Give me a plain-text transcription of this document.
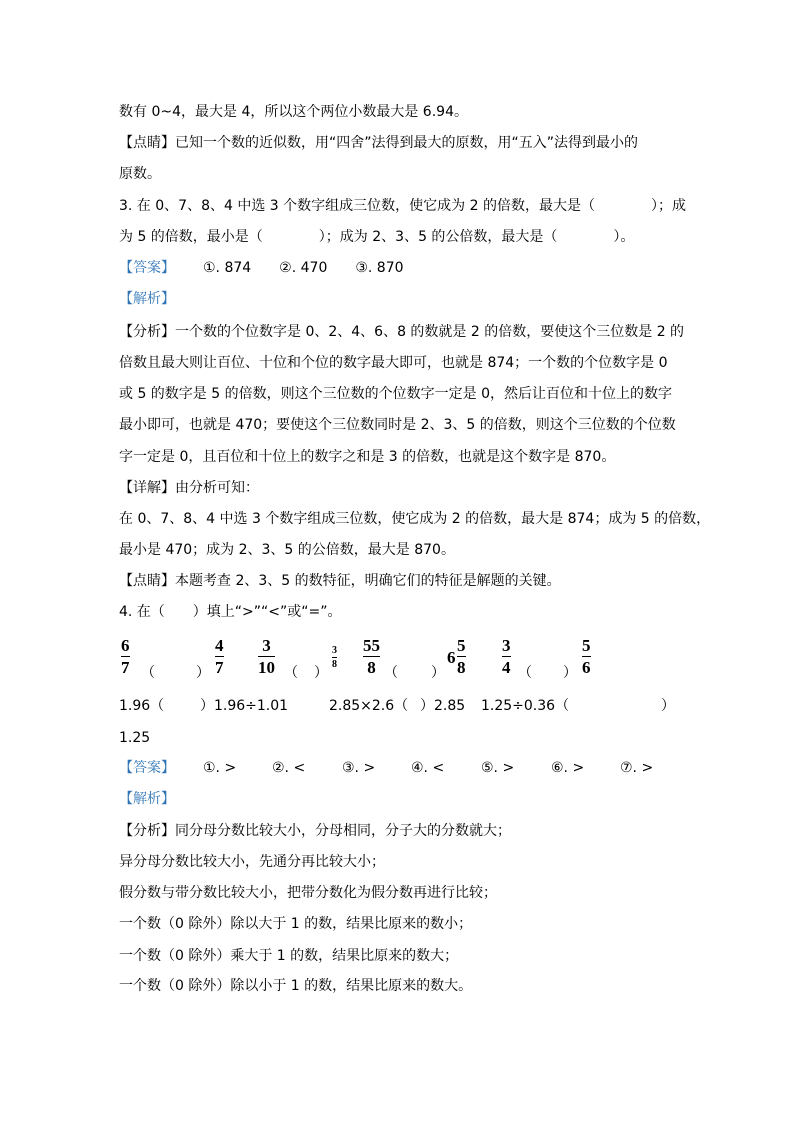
数有 0~4，最大是 4，所以这个两位小数最大是 6.94。
【点睛】已知一个数的近似数，用“四舍”法得到最大的原数，用“五入”法得到最小的
原数。
3. 在 0、7、8、4 中选 3 个数字组成三位数，使它成为 2 的倍数，最大是（　　　　）；成
为 5 的倍数，最小是（　　　　）；成为 2、3、5 的公倍数，最大是（　　　　）。
【答案】 ①. 874　　②. 470　　③. 870
【解析】
【分析】一个数的个位数字是 0、2、4、6、8 的数就是 2 的倍数，要使这个三位数是 2 的
倍数且最大则让百位、十位和个位的数字最大即可，也就是 874；一个数的个位数字是 0
或 5 的数字是 5 的倍数，则这个三位数的个位数字一定是 0，然后让百位和十位上的数字
最小即可，也就是 470；要使这个三位数同时是 2、3、5 的倍数，则这个三位数的个位数
字一定是 0，且百位和十位上的数字之和是 3 的倍数，也就是这个数字是 870。
【详解】由分析可知：
在 0、7、8、4 中选 3 个数字组成三位数，使它成为 2 的倍数，最大是 874；成为 5 的倍数，
最小是 470；成为 2、3、5 的公倍数，最大是 870。
【点睛】本题考查 2、3、5 的数特征，明确它们的特征是解题的关键。
4. 在（　　）填上“>”“<”或“=”。
6
7 （	）
4
7
3
10 （ ）
3
8
55
8 （ ）
6
5
8
3
4 （ ）
5
6
1.96（	）1.96÷1.01	2.85×2.6（ ）2.85 1.25÷0.36（	）
1.25
【答案】 ①. >	②. <	③. >	④. <	⑤. >	⑥. >	⑦. >
【解析】
【分析】同分母分数比较大小，分母相同，分子大的分数就大；
异分母分数比较大小，先通分再比较大小；
假分数与带分数比较大小，把带分数化为假分数再进行比较；
一个数（0 除外）除以大于 1 的数，结果比原来的数小；
一个数（0 除外）乘大于 1 的数，结果比原来的数大；
一个数（0 除外）除以小于 1 的数，结果比原来的数大。
